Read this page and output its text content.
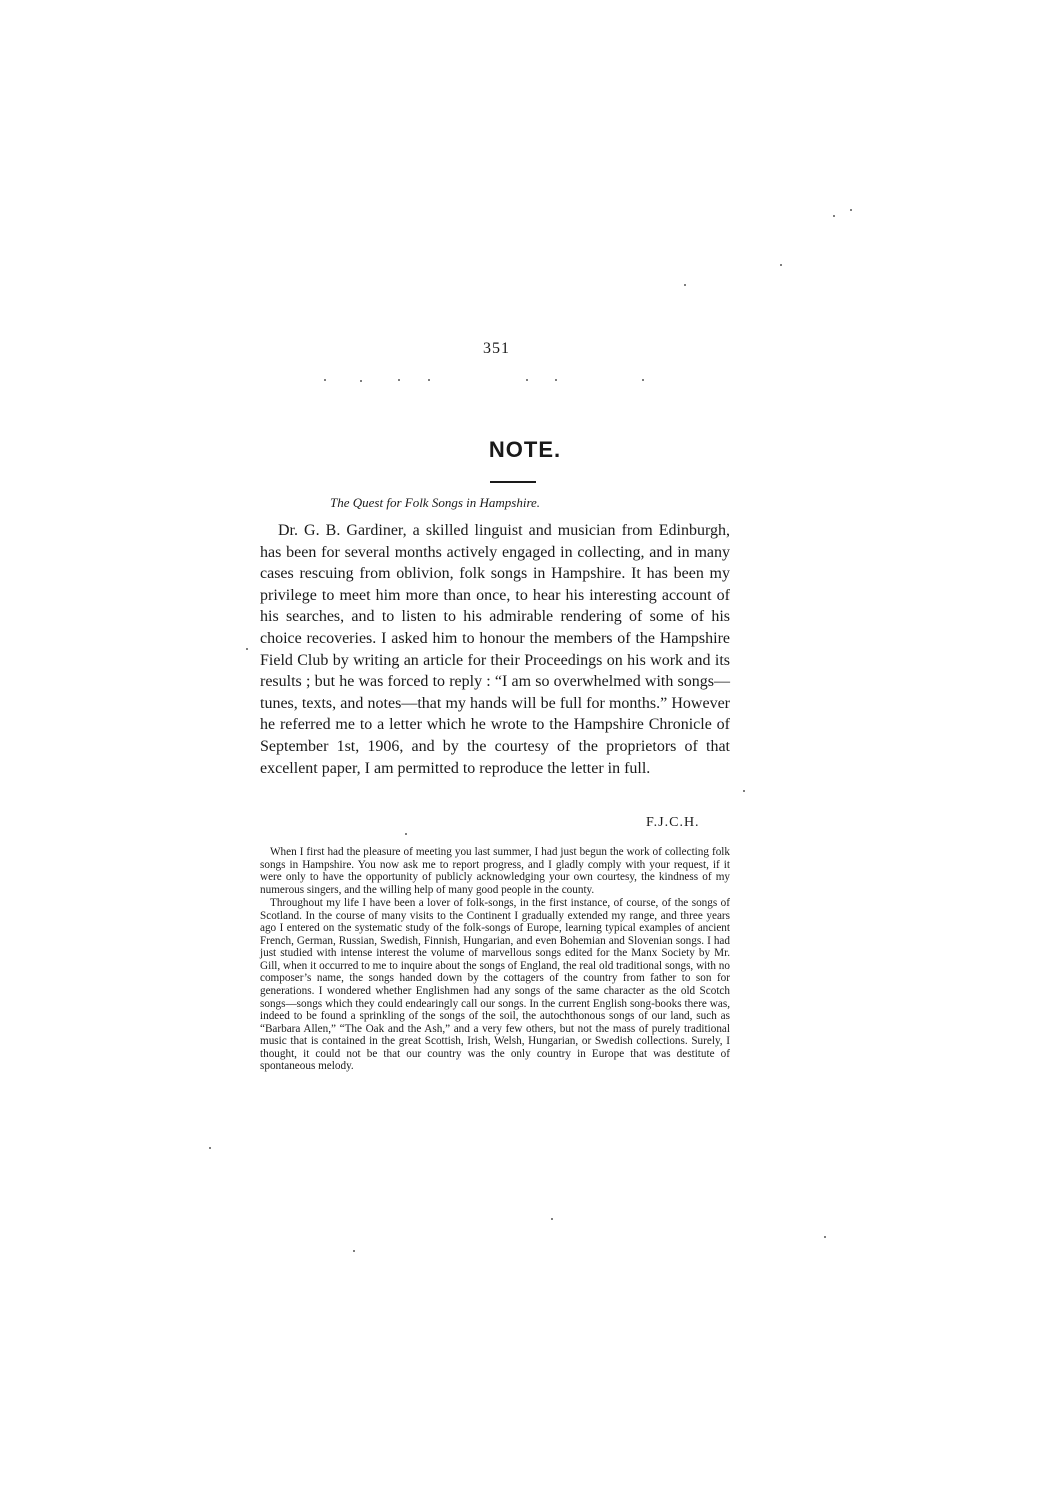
351
NOTE.
The Quest for Folk Songs in Hampshire.

Dr. G. B. Gardiner, a skilled linguist and musician from Edinburgh, has been for several months actively engaged in collecting, and in many cases rescuing from oblivion, folk songs in Hampshire. It has been my privilege to meet him more than once, to hear his interesting account of his searches, and to listen to his admirable rendering of some of his choice recoveries. I asked him to honour the members of the Hampshire Field Club by writing an article for their Proceedings on his work and its results ; but he was forced to reply : “I am so overwhelmed with songs—tunes, texts, and notes—that my hands will be full for months.” However he referred me to a letter which he wrote to the Hampshire Chronicle of September 1st, 1906, and by the courtesy of the proprietors of that excellent paper, I am permitted to reproduce the letter in full.

F.J.C.H.

When I first had the pleasure of meeting you last summer, I had just begun the work of collecting folk songs in Hampshire. You now ask me to report progress, and I gladly comply with your request, if it were only to have the opportunity of publicly acknowledging your own courtesy, the kindness of my numerous singers, and the willing help of many good people in the county.

Throughout my life I have been a lover of folk-songs, in the first instance, of course, of the songs of Scotland. In the course of many visits to the Continent I gradually extended my range, and three years ago I entered on the systematic study of the folk-songs of Europe, learning typical examples of ancient French, German, Russian, Swedish, Finnish, Hungarian, and even Bohemian and Slovenian songs. I had just studied with intense interest the volume of marvellous songs edited for the Manx Society by Mr. Gill, when it occurred to me to inquire about the songs of England, the real old traditional songs, with no composer’s name, the songs handed down by the cottagers of the country from father to son for generations. I wondered whether Englishmen had any songs of the same character as the old Scotch songs—songs which they could endearingly call our songs. In the current English song-books there was, indeed to be found a sprinkling of the songs of the soil, the autochthonous songs of our land, such as “Barbara Allen,” “The Oak and the Ash,” and a very few others, but not the mass of purely traditional music that is contained in the great Scottish, Irish, Welsh, Hungarian, or Swedish collections. Surely, I thought, it could not be that our country was the only country in Europe that was destitute of spontaneous melody.
